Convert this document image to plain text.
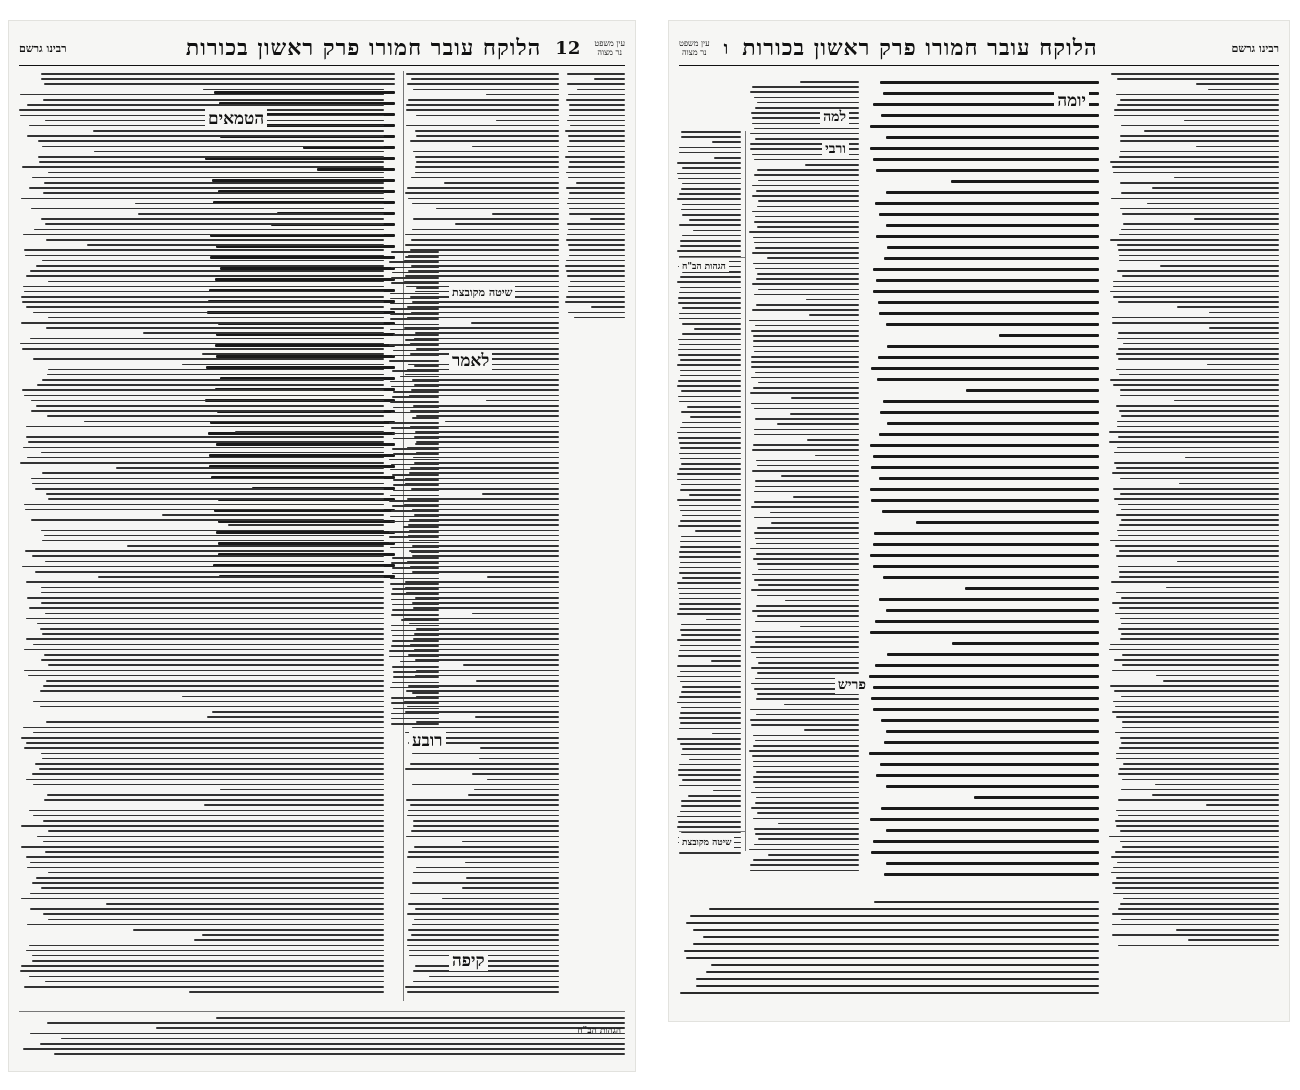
עין משפט
נר מצוה
12
הלוקח עובר חמורו פרק ראשון בכורות
רבינו גרשם
הטמאים
לאמר
רובע
קיפה
שיטה מקובצת
הגהות הב"ח
רבינו גרשם
הלוקח עובר חמורו פרק ראשון בכורות
ו
עין משפט
נר מצוה
יומה
למה
ורבי
פריש
הגהות הב"ח
שיטה מקובצת
